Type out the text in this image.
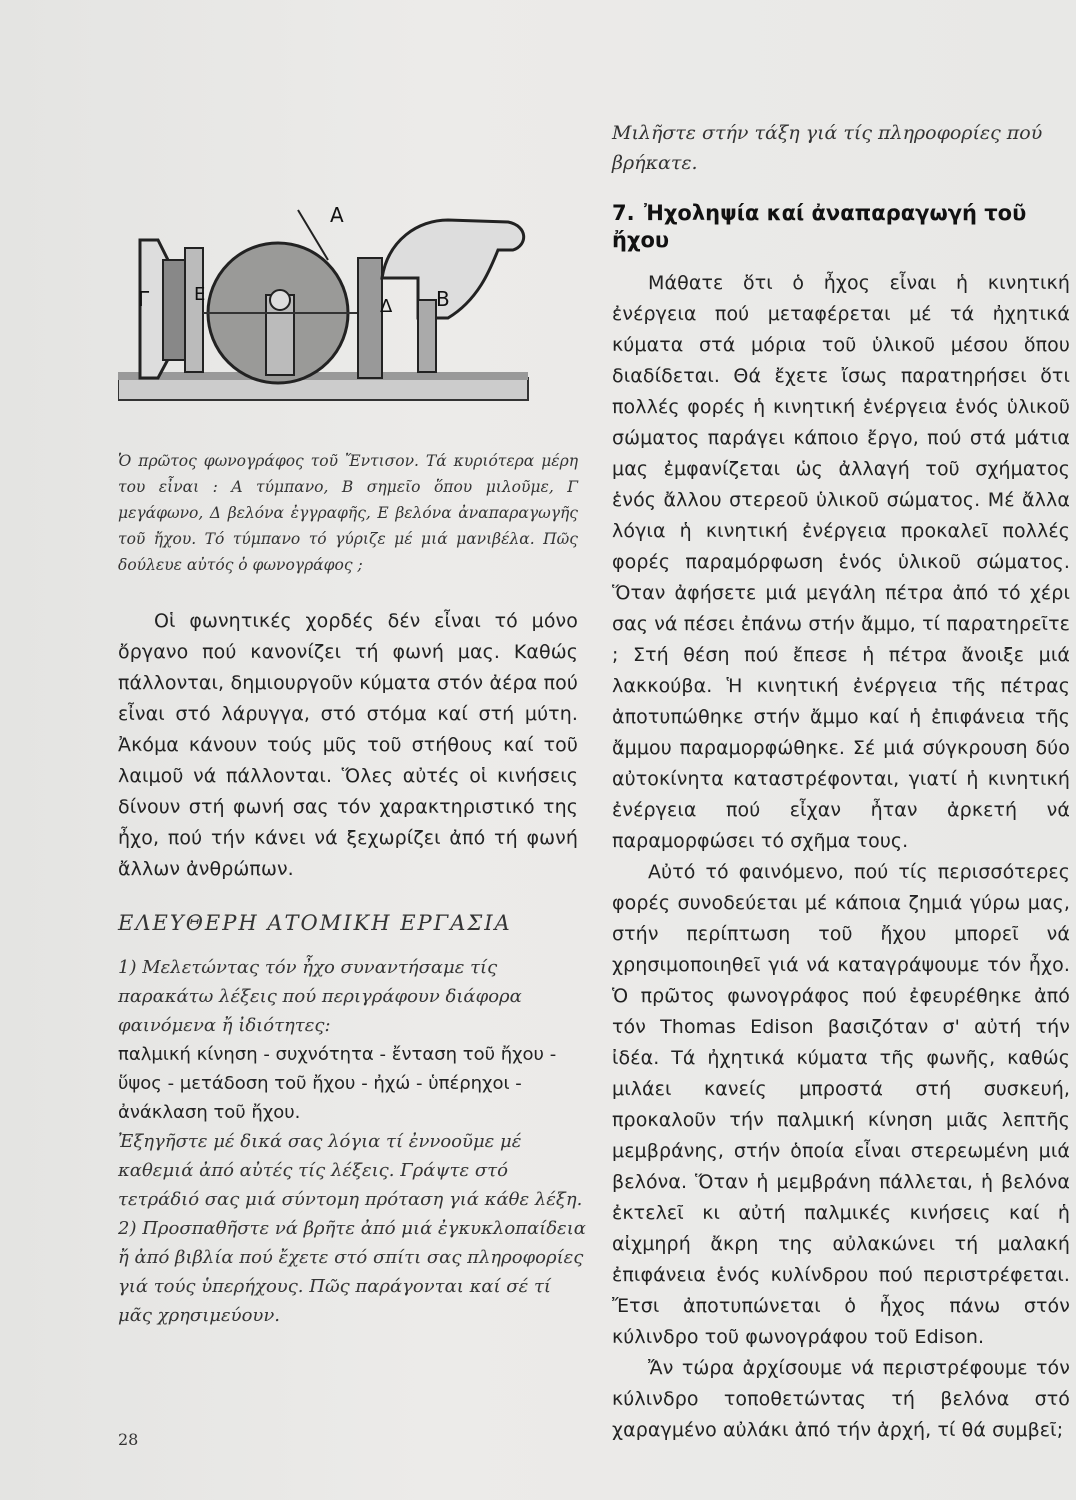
Α
Β
Γ	Δ
Ε

Ὁ πρῶτος φωνογράφος τοῦ Ἔντισον. Τά κυριότερα μέρη του εἶναι : Α τύμπανο, Β σημεῖο ὅπου μιλοῦμε, Γ μεγάφωνο, Δ βελόνα ἐγγραφῆς, Ε βελόνα ἀναπαραγωγῆς τοῦ ἤχου. Τό τύμπανο τό γύριζε μέ μιά μανιβέλα. Πῶς δούλευε αὐτός ὁ φωνογράφος ;

Οἱ φωνητικές χορδές δέν εἶναι τό μόνο ὄργανο πού κανονίζει τή φωνή μας. Καθώς πάλλονται, δημιουργοῦν κύματα στόν ἀέρα πού εἶναι στό λάρυγγα, στό στόμα καί στή μύτη. Ἀκόμα κάνουν τούς μῦς τοῦ στήθους καί τοῦ λαιμοῦ νά πάλλονται. Ὅλες αὐτές οἱ κινήσεις δίνουν στή φωνή σας τόν χαρακτηριστικό της ἦχο, πού τήν κάνει νά ξεχωρίζει ἀπό τή φωνή ἄλλων ἀνθρώπων.

ΕΛΕΥΘΕΡΗ ΑΤΟΜΙΚΗ ΕΡΓΑΣΙΑ

1) Μελετώντας τόν ἦχο συναντήσαμε τίς παρακάτω λέξεις πού περιγράφουν διάφορα φαινόμενα ἤ ἰδιότητες:

παλμική κίνηση - συχνότητα - ἔνταση τοῦ ἤχου - ὕψος - μετάδοση τοῦ ἤχου - ἠχώ - ὑπέρηχοι - ἀνάκλαση τοῦ ἤχου.

Ἐξηγῆστε μέ δικά σας λόγια τί ἐννοοῦμε μέ καθεμιά ἀπό αὐτές τίς λέξεις. Γράψτε στό τετράδιό σας μιά σύντομη πρόταση γιά κάθε λέξη.

2) Προσπαθῆστε νά βρῆτε ἀπό μιά ἐγκυκλοπαίδεια ἤ ἀπό βιβλία πού ἔχετε στό σπίτι σας πληροφορίες γιά τούς ὑπερήχους. Πῶς παράγονται καί σέ τί μᾶς χρησιμεύουν.

Μιλῆστε στήν τάξη γιά τίς πληροφορίες πού βρήκατε.

7. Ἠχοληψία καί ἀναπαραγωγή τοῦ ἤχου

Μάθατε ὅτι ὁ ἦχος εἶναι ἡ κινητική ἐνέργεια πού μεταφέρεται μέ τά ἠχητικά κύματα στά μόρια τοῦ ὑλικοῦ μέσου ὅπου διαδίδεται. Θά ἔχετε ἴσως παρατηρήσει ὅτι πολλές φορές ἡ κινητική ἐνέργεια ἑνός ὑλικοῦ σώματος παράγει κάποιο ἔργο, πού στά μάτια μας ἐμφανίζεται ὡς ἀλλαγή τοῦ σχήματος ἑνός ἄλλου στερεοῦ ὑλικοῦ σώματος. Μέ ἄλλα λόγια ἡ κινητική ἐνέργεια προκαλεῖ πολλές φορές παραμόρφωση ἑνός ὑλικοῦ σώματος. Ὅταν ἀφήσετε μιά μεγάλη πέτρα ἀπό τό χέρι σας νά πέσει ἐπάνω στήν ἄμμο, τί παρατηρεῖτε ; Στή θέση πού ἔπεσε ἡ πέτρα ἄνοιξε μιά λακκούβα. Ἡ κινητική ἐνέργεια τῆς πέτρας ἀποτυπώθηκε στήν ἄμμο καί ἡ ἐπιφάνεια τῆς ἄμμου παραμορφώθηκε. Σέ μιά σύγκρουση δύο αὐτοκίνητα καταστρέφονται, γιατί ἡ κινητική ἐνέργεια πού εἶχαν ἦταν ἀρκετή νά παραμορφώσει τό σχῆμα τους.

Αὐτό τό φαινόμενο, πού τίς περισσότερες φορές συνοδεύεται μέ κάποια ζημιά γύρω μας, στήν περίπτωση τοῦ ἤχου μπορεῖ νά χρησιμοποιηθεῖ γιά νά καταγράψουμε τόν ἦχο. Ὁ πρῶτος φωνογράφος πού ἐφευρέθηκε ἀπό τόν Thomas Edison βασιζόταν σ' αὐτή τήν ἰδέα. Τά ἠχητικά κύματα τῆς φωνῆς, καθώς μιλάει κανείς μπροστά στή συσκευή, προκαλοῦν τήν παλμική κίνηση μιᾶς λεπτῆς μεμβράνης, στήν ὁποία εἶναι στερεωμένη μιά βελόνα. Ὅταν ἡ μεμβράνη πάλλεται, ἡ βελόνα ἐκτελεῖ κι αὐτή παλμικές κινήσεις καί ἡ αἰχμηρή ἄκρη της αὐλακώνει τή μαλακή ἐπιφάνεια ἑνός κυλίνδρου πού περιστρέφεται. Ἔτσι ἀποτυπώνεται ὁ ἦχος πάνω στόν κύλινδρο τοῦ φωνογράφου τοῦ Edison.

Ἄν τώρα ἀρχίσουμε νά περιστρέφουμε τόν κύλινδρο τοποθετώντας τή βελόνα στό χαραγμένο αὐλάκι ἀπό τήν ἀρχή, τί θά συμβεῖ;

28
